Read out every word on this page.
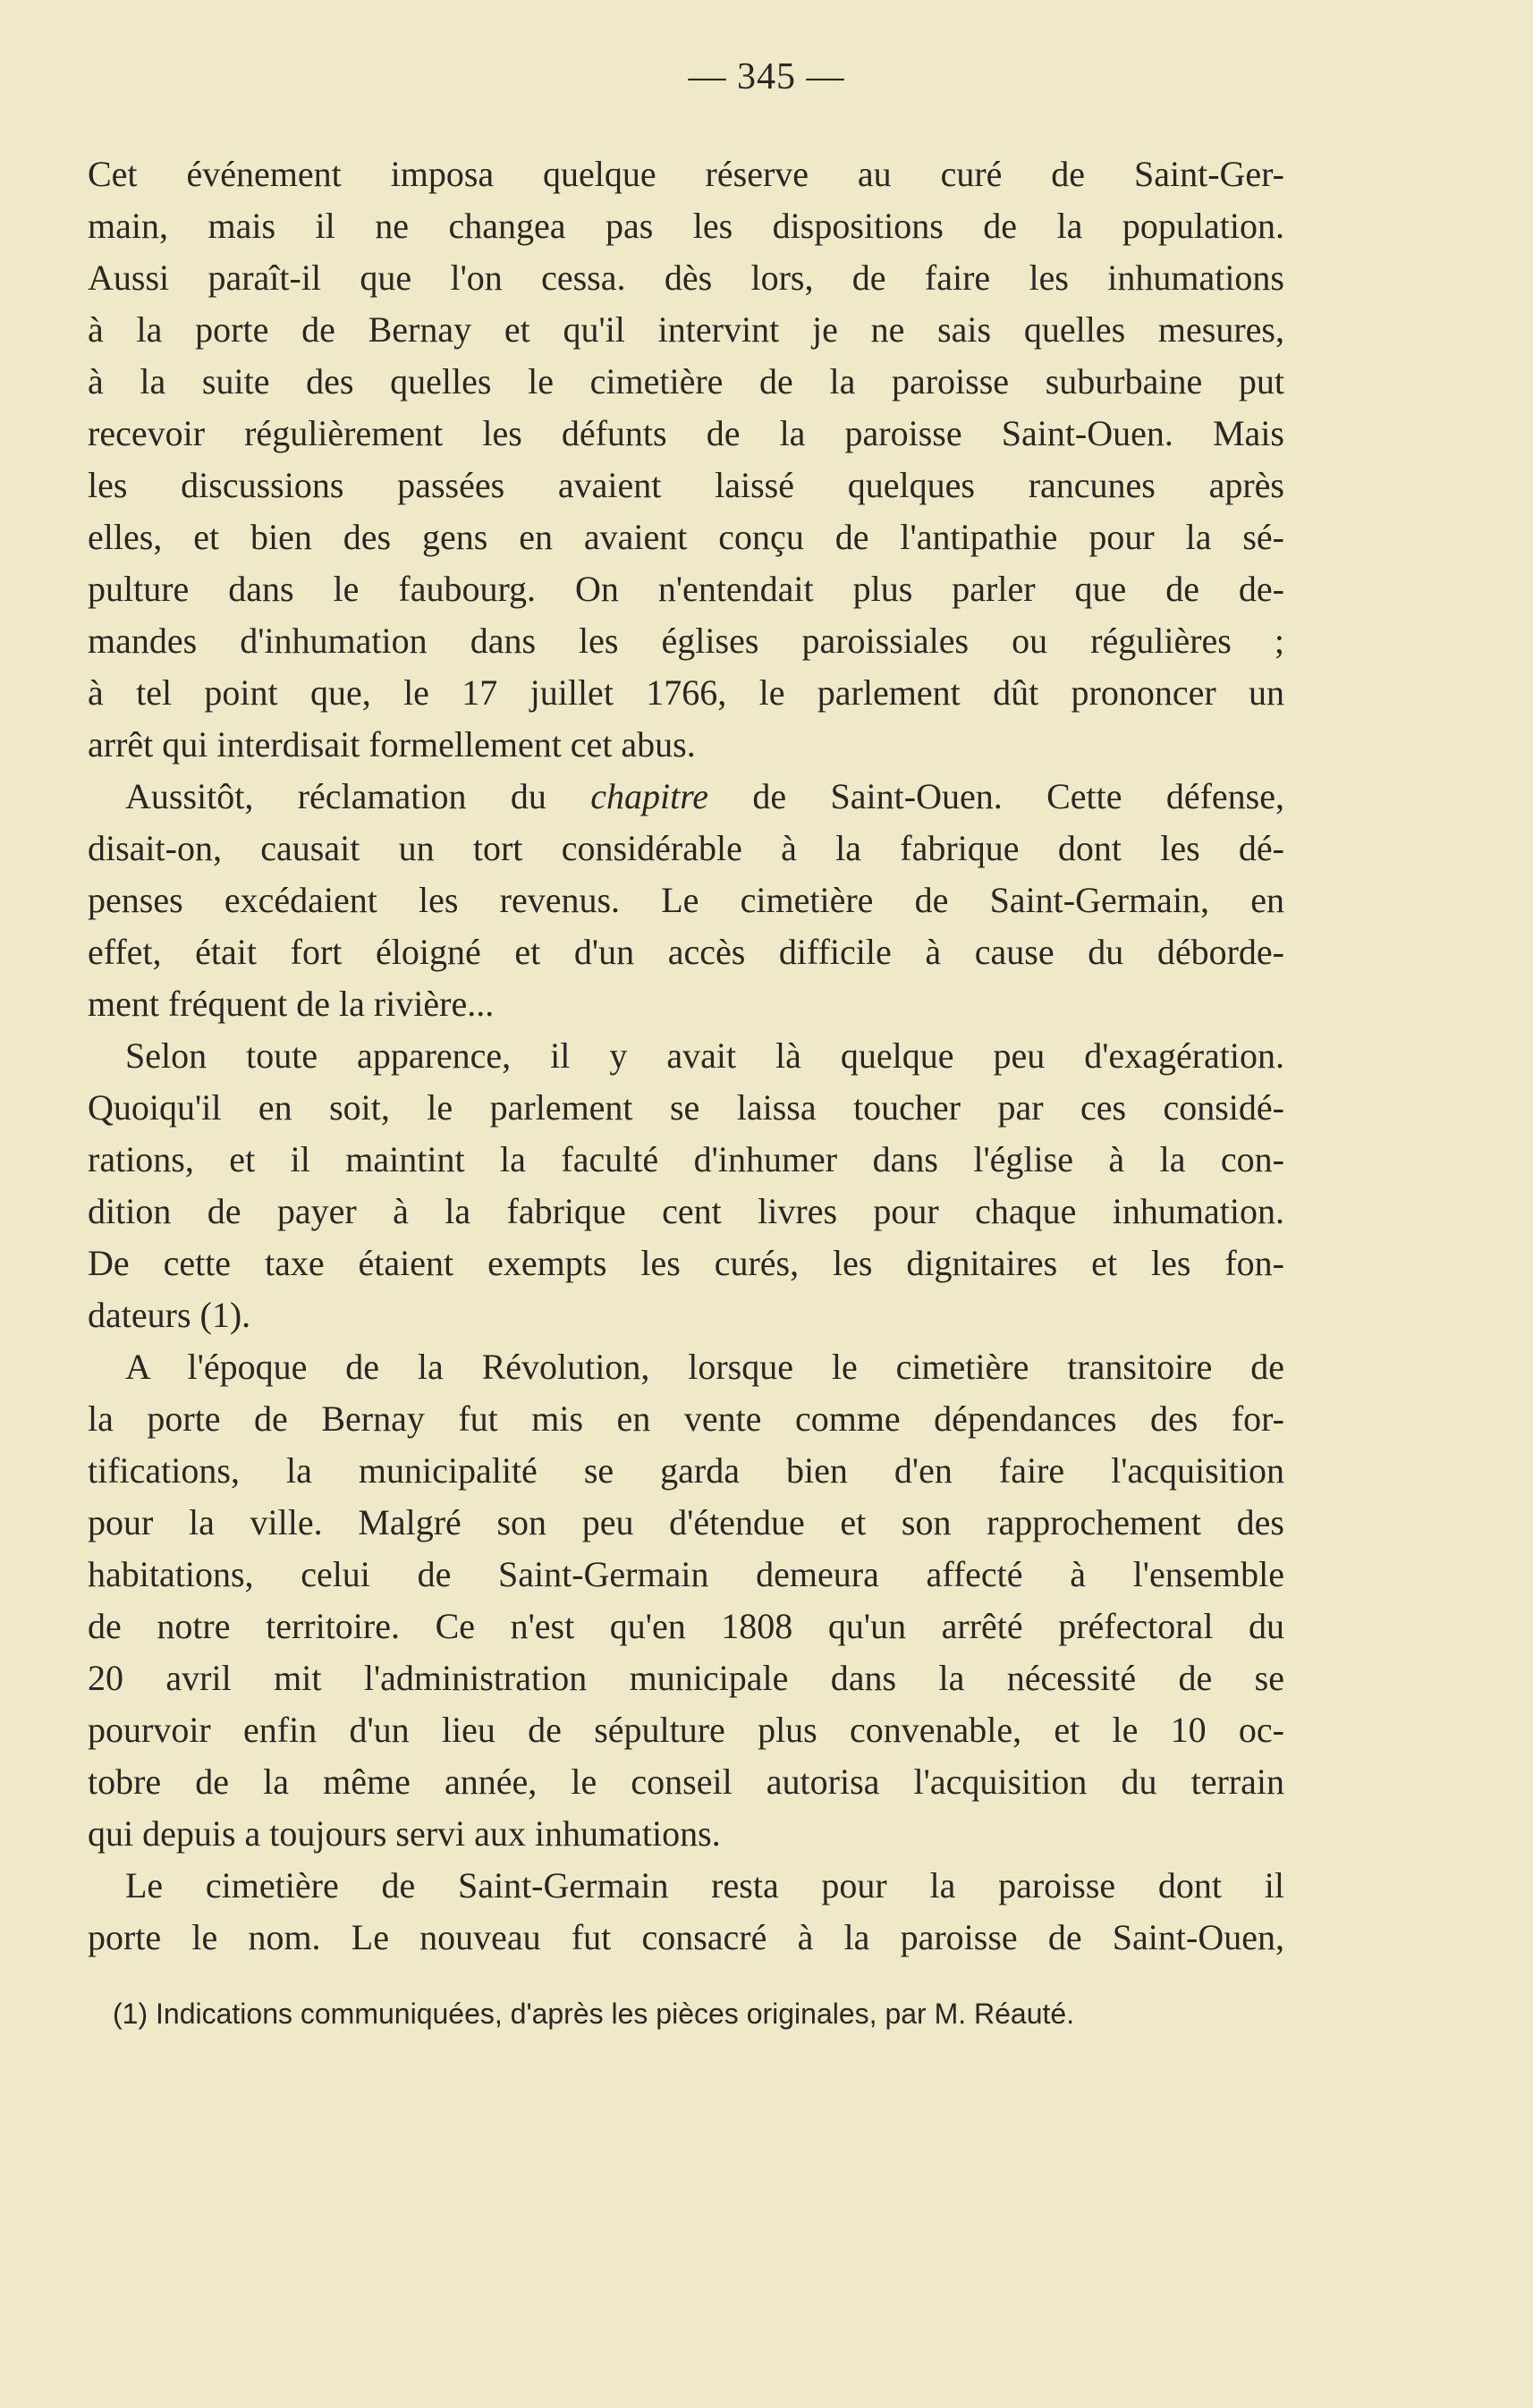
— 345 —
Cet événement imposa quelque réserve au curé de Saint-Ger-
main, mais il ne changea pas les dispositions de la population.
Aussi paraît-il que l'on cessa. dès lors, de faire les inhumations
à la porte de Bernay et qu'il intervint je ne sais quelles mesures,
à la suite des quelles le cimetière de la paroisse suburbaine put
recevoir régulièrement les défunts de la paroisse Saint-Ouen. Mais
les discussions passées avaient laissé quelques rancunes après
elles, et bien des gens en avaient conçu de l'antipathie pour la sé-
pulture dans le faubourg. On n'entendait plus parler que de de-
mandes d'inhumation dans les églises paroissiales ou régulières ;
à tel point que, le 17 juillet 1766, le parlement dût prononcer un
arrêt qui interdisait formellement cet abus.
Aussitôt, réclamation du chapitre de Saint-Ouen. Cette défense,
disait-on, causait un tort considérable à la fabrique dont les dé-
penses excédaient les revenus. Le cimetière de Saint-Germain, en
effet, était fort éloigné et d'un accès difficile à cause du déborde-
ment fréquent de la rivière...
Selon toute apparence, il y avait là quelque peu d'exagération.
Quoiqu'il en soit, le parlement se laissa toucher par ces considé-
rations, et il maintint la faculté d'inhumer dans l'église à la con-
dition de payer à la fabrique cent livres pour chaque inhumation.
De cette taxe étaient exempts les curés, les dignitaires et les fon-
dateurs (1).
A l'époque de la Révolution, lorsque le cimetière transitoire de
la porte de Bernay fut mis en vente comme dépendances des for-
tifications, la municipalité se garda bien d'en faire l'acquisition
pour la ville. Malgré son peu d'étendue et son rapprochement des
habitations, celui de Saint-Germain demeura affecté à l'ensemble
de notre territoire. Ce n'est qu'en 1808 qu'un arrêté préfectoral du
20 avril mit l'administration municipale dans la nécessité de se
pourvoir enfin d'un lieu de sépulture plus convenable, et le 10 oc-
tobre de la même année, le conseil autorisa l'acquisition du terrain
qui depuis a toujours servi aux inhumations.
Le cimetière de Saint-Germain resta pour la paroisse dont il
porte le nom. Le nouveau fut consacré à la paroisse de Saint-Ouen,
(1) Indications communiquées, d'après les pièces originales, par M. Réauté.
